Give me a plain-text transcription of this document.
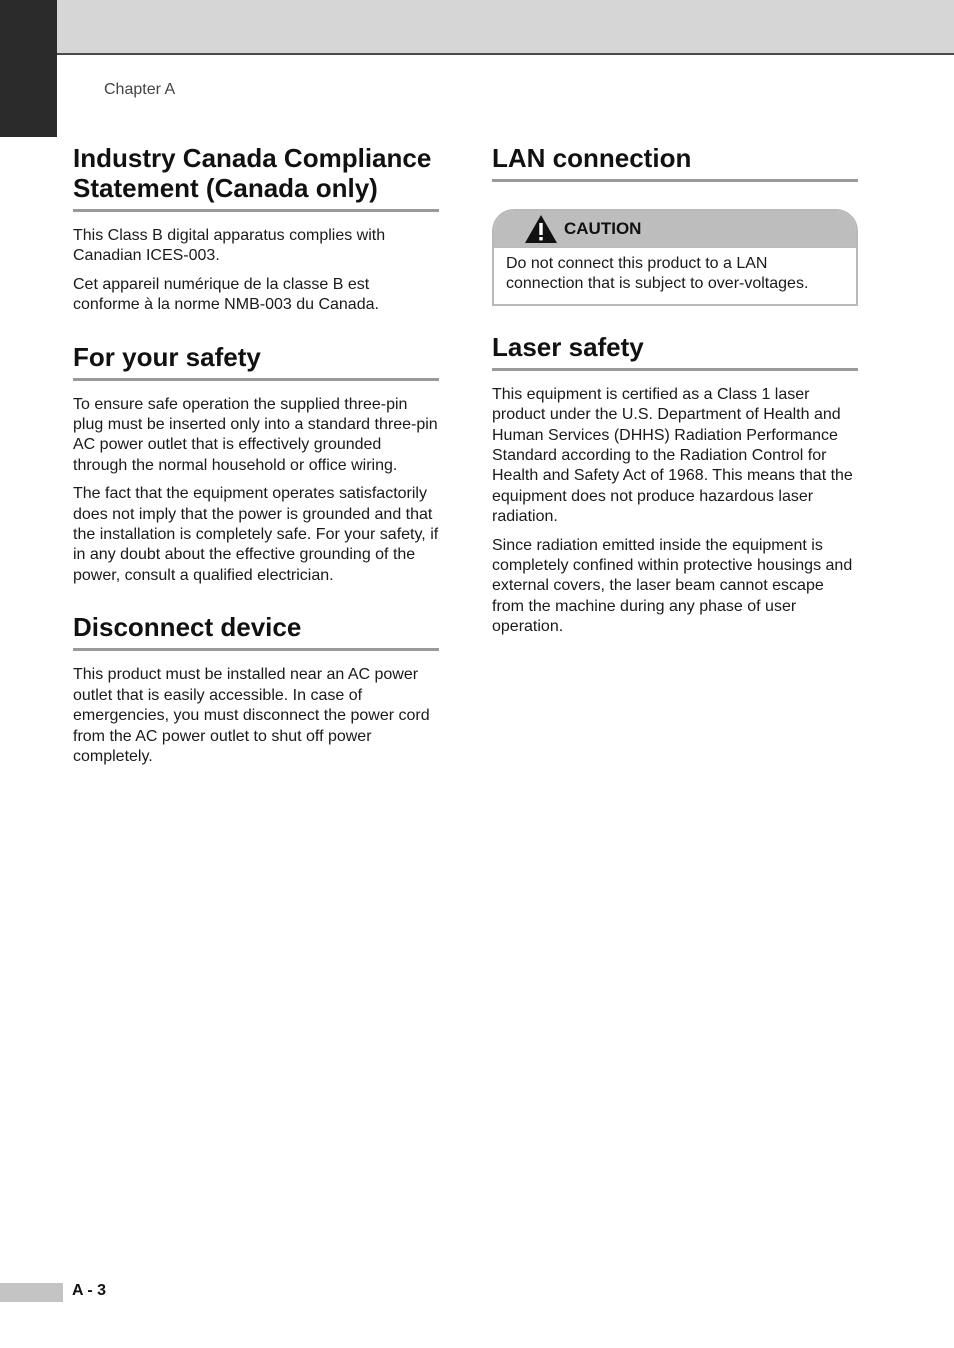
Chapter A
Industry Canada Compliance Statement (Canada only)

This Class B digital apparatus complies with Canadian ICES-003.

Cet appareil numérique de la classe B est conforme à la norme NMB-003 du Canada.

For your safety

To ensure safe operation the supplied three-pin plug must be inserted only into a standard three-pin AC power outlet that is effectively grounded through the normal household or office wiring.

The fact that the equipment operates satisfactorily does not imply that the power is grounded and that the installation is completely safe. For your safety, if in any doubt about the effective grounding of the power, consult a qualified electrician.

Disconnect device

This product must be installed near an AC power outlet that is easily accessible. In case of emergencies, you must disconnect the power cord from the AC power outlet to shut off power completely.

LAN connection
CAUTION
Do not connect this product to a LAN connection that is subject to over-voltages.
Laser safety

This equipment is certified as a Class 1 laser product under the U.S. Department of Health and Human Services (DHHS) Radiation Performance Standard according to the Radiation Control for Health and Safety Act of 1968. This means that the equipment does not produce hazardous laser radiation.

Since radiation emitted inside the equipment is completely confined within protective housings and external covers, the laser beam cannot escape from the machine during any phase of user operation.

A - 3
